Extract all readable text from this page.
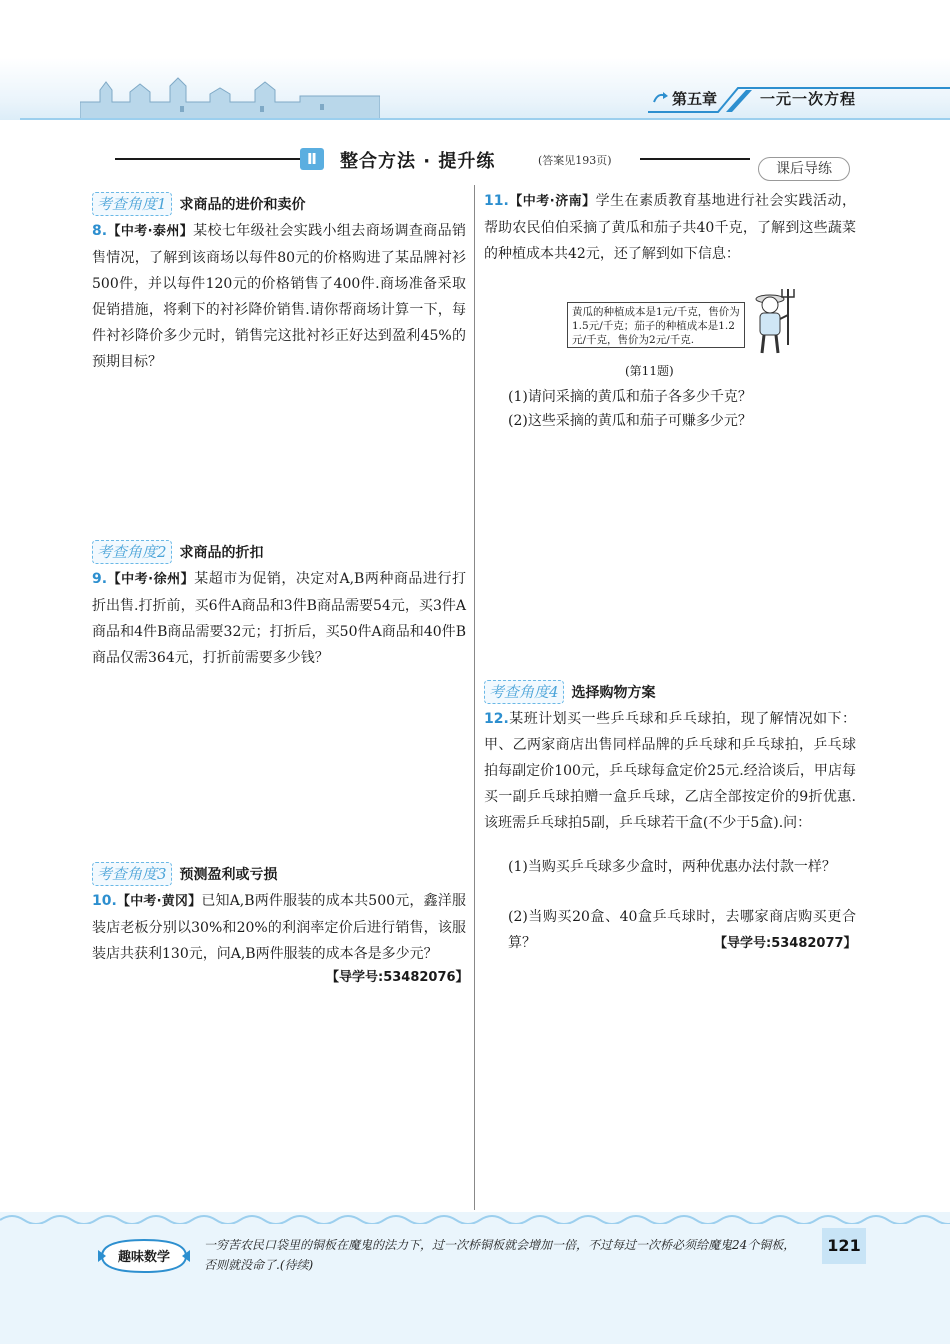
第五章	一元一次方程
Ⅱ	整合方法 · 提升练	(答案见193页)
课后导练
考查角度1 求商品的进价和卖价
8.【中考·泰州】某校七年级社会实践小组去商场调查商品销售情况，了解到该商场以每件80元的价格购进了某品牌衬衫500件，并以每件120元的价格销售了400件.商场准备采取促销措施，将剩下的衬衫降价销售.请你帮商场计算一下，每件衬衫降价多少元时，销售完这批衬衫正好达到盈利45%的预期目标？
考查角度2 求商品的折扣
9.【中考·徐州】某超市为促销，决定对A,B两种商品进行打折出售.打折前，买6件A商品和3件B商品需要54元，买3件A商品和4件B商品需要32元；打折后，买50件A商品和40件B商品仅需364元，打折前需要多少钱？
考查角度3 预测盈利或亏损
10.【中考·黄冈】已知A,B两件服装的成本共500元，鑫洋服装店老板分别以30%和20%的利润率定价后进行销售，该服装店共获利130元，问A,B两件服装的成本各是多少元？
【导学号:53482076】
11.【中考·济南】学生在素质教育基地进行社会实践活动，帮助农民伯伯采摘了黄瓜和茄子共40千克，了解到这些蔬菜的种植成本共42元，还了解到如下信息：
黄瓜的种植成本是1元/千克，售价为1.5元/千克；茄子的种植成本是1.2元/千克，售价为2元/千克.
(第11题)
(1)请问采摘的黄瓜和茄子各多少千克？
(2)这些采摘的黄瓜和茄子可赚多少元？
考查角度4 选择购物方案
12.某班计划买一些乒乓球和乒乓球拍，现了解情况如下：甲、乙两家商店出售同样品牌的乒乓球和乒乓球拍，乒乓球拍每副定价100元，乒乓球每盒定价25元.经洽谈后，甲店每买一副乒乓球拍赠一盒乒乓球，乙店全部按定价的9折优惠.该班需乒乓球拍5副，乒乓球若干盒(不少于5盒).问：
(1)当购买乒乓球多少盒时，两种优惠办法付款一样？
(2)当购买20盒、40盒乒乓球时，去哪家商店购买更合算？	【导学号:53482077】
趣味数学
一穷苦农民口袋里的铜板在魔鬼的法力下，过一次桥铜板就会增加一倍，不过每过一次桥必须给魔鬼24个铜板，否则就没命了.(待续)
121
